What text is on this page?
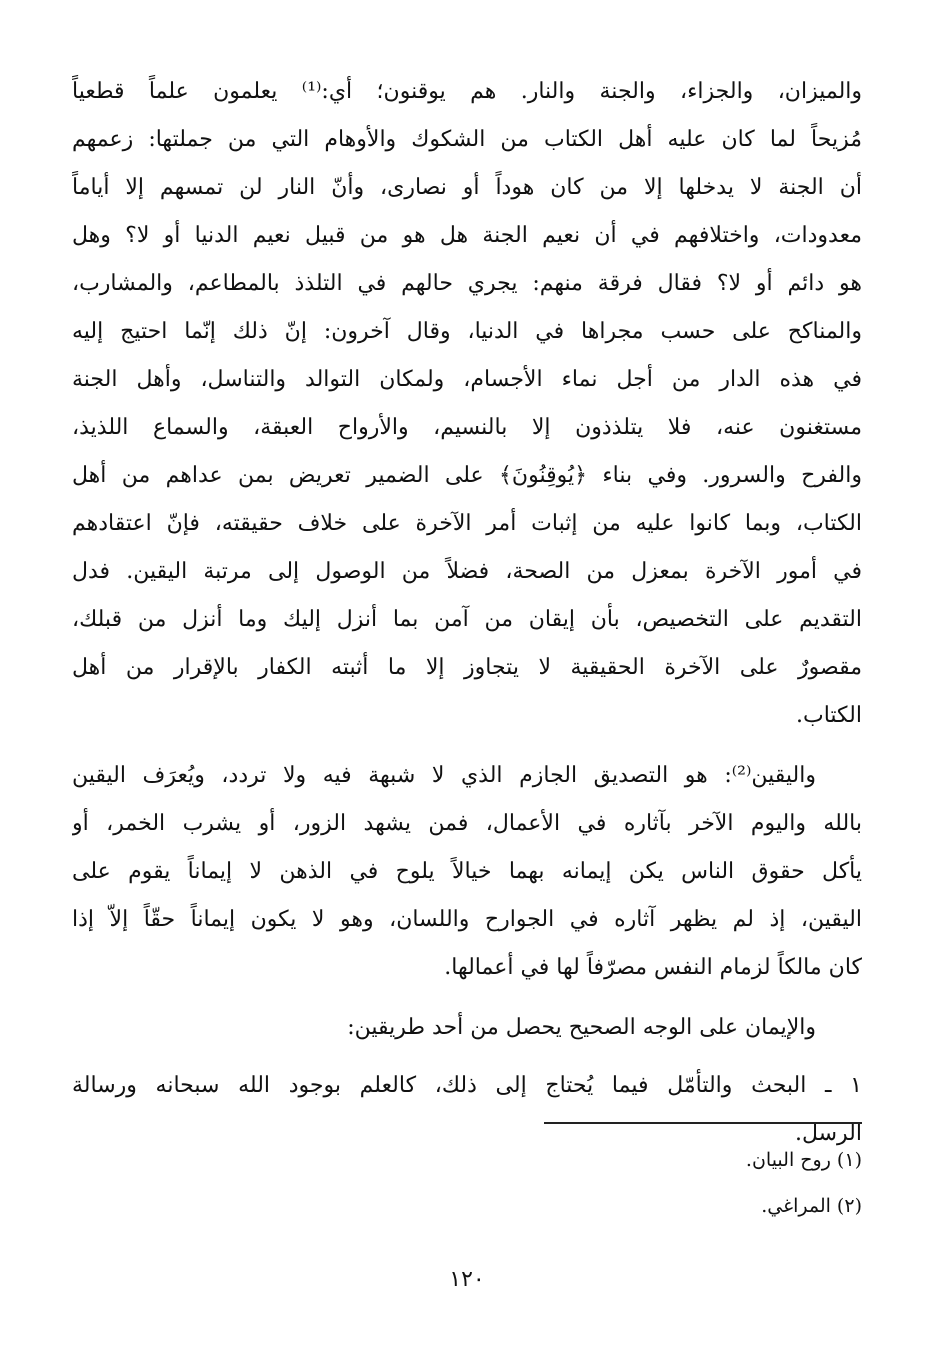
والميزان، والجزاء، والجنة والنار. هم يوقنون؛ أي:⁽¹⁾ يعلمون علماً قطعياً
مُزيحاً لما كان عليه أهل الكتاب من الشكوك والأوهام التي من جملتها: زعمهم
أن الجنة لا يدخلها إلا من كان هوداً أو نصارى، وأنّ النار لن تمسهم إلا أياماً
معدودات، واختلافهم في أن نعيم الجنة هل هو من قبيل نعيم الدنيا أو لا؟ وهل
هو دائم أو لا؟ فقال فرقة منهم: يجري حالهم في التلذذ بالمطاعم، والمشارب،
والمناكح على حسب مجراها في الدنيا، وقال آخرون: إنّ ذلك إنّما احتيج إليه
في هذه الدار من أجل نماء الأجسام، ولمكان التوالد والتناسل، وأهل الجنة
مستغنون عنه، فلا يتلذذون إلا بالنسيم، والأرواح العبقة، والسماع اللذيذ،
والفرح والسرور. وفي بناء ﴿يُوقِنُونَ﴾ على الضمير تعريض بمن عداهم من أهل
الكتاب، وبما كانوا عليه من إثبات أمر الآخرة على خلاف حقيقته، فإنّ اعتقادهم
في أمور الآخرة بمعزل من الصحة، فضلاً من الوصول إلى مرتبة اليقين. فدل
التقديم على التخصيص، بأن إيقان من آمن بما أنزل إليك وما أنزل من قبلك،
مقصورٌ على الآخرة الحقيقية لا يتجاوز إلا ما أثبته الكفار بالإقرار من أهل
الكتاب.
واليقين⁽²⁾: هو التصديق الجازم الذي لا شبهة فيه ولا تردد، ويُعرَف اليقين
بالله واليوم الآخر بآثاره في الأعمال، فمن يشهد الزور، أو يشرب الخمر، أو
يأكل حقوق الناس يكن إيمانه بهما خيالاً يلوح في الذهن لا إيماناً يقوم على
اليقين، إذ لم يظهر آثاره في الجوارح واللسان، وهو لا يكون إيماناً حقّاً إلاّ إذا
كان مالكاً لزمام النفس مصرّفاً لها في أعمالها.
والإيمان على الوجه الصحيح يحصل من أحد طريقين:
١ ـ البحث والتأمّل فيما يُحتاج إلى ذلك، كالعلم بوجود الله سبحانه ورسالة
الرسل.
(١) روح البيان.
(٢) المراغي.
١٢٠
